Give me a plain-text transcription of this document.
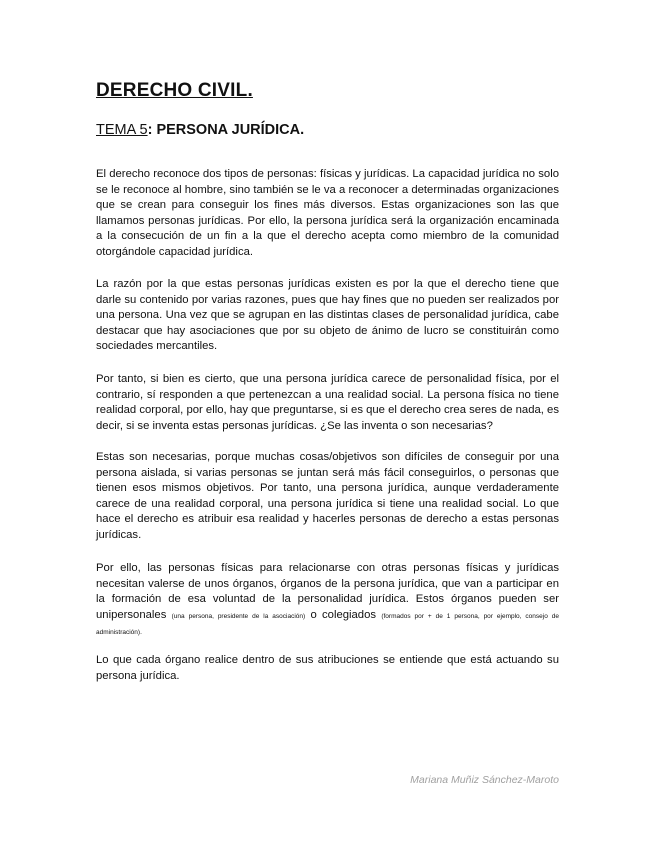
DERECHO CIVIL.
TEMA 5: PERSONA JURÍDICA.

El derecho reconoce dos tipos de personas: físicas y jurídicas. La capacidad jurídica no solo se le reconoce al hombre, sino también se le va a reconocer a determinadas organizaciones que se crean para conseguir los fines más diversos. Estas organizaciones son las que llamamos personas jurídicas. Por ello, la persona jurídica será la organización encaminada a la consecución de un fin a la que el derecho acepta como miembro de la comunidad otorgándole capacidad jurídica.

La razón por la que estas personas jurídicas existen es por la que el derecho tiene que darle su contenido por varias razones, pues que hay fines que no pueden ser realizados por una persona. Una vez que se agrupan en las distintas clases de personalidad jurídica, cabe destacar que hay asociaciones que por su objeto de ánimo de lucro se constituirán como sociedades mercantiles.

Por tanto, si bien es cierto, que una persona jurídica carece de personalidad física, por el contrario, sí responden a que pertenezcan a una realidad social. La persona física no tiene realidad corporal, por ello, hay que preguntarse, si es que el derecho crea seres de nada, es decir, si se inventa estas personas jurídicas. ¿Se las inventa o son necesarias?

Estas son necesarias, porque muchas cosas/objetivos son difíciles de conseguir por una persona aislada, si varias personas se juntan será más fácil conseguirlos, o personas que tienen esos mismos objetivos. Por tanto, una persona jurídica, aunque verdaderamente carece de una realidad corporal, una persona jurídica si tiene una realidad social. Lo que hace el derecho es atribuir esa realidad y hacerles personas de derecho a estas personas jurídicas.

Por ello, las personas físicas para relacionarse con otras personas físicas y jurídicas necesitan valerse de unos órganos, órganos de la persona jurídica, que van a participar en la formación de esa voluntad de la personalidad jurídica. Estos órganos pueden ser unipersonales (una persona, presidente de la asociación) o colegiados (formados por + de 1 persona, por ejemplo, consejo de administración).

Lo que cada órgano realice dentro de sus atribuciones se entiende que está actuando su persona jurídica.

Mariana Muñiz Sánchez-Maroto
